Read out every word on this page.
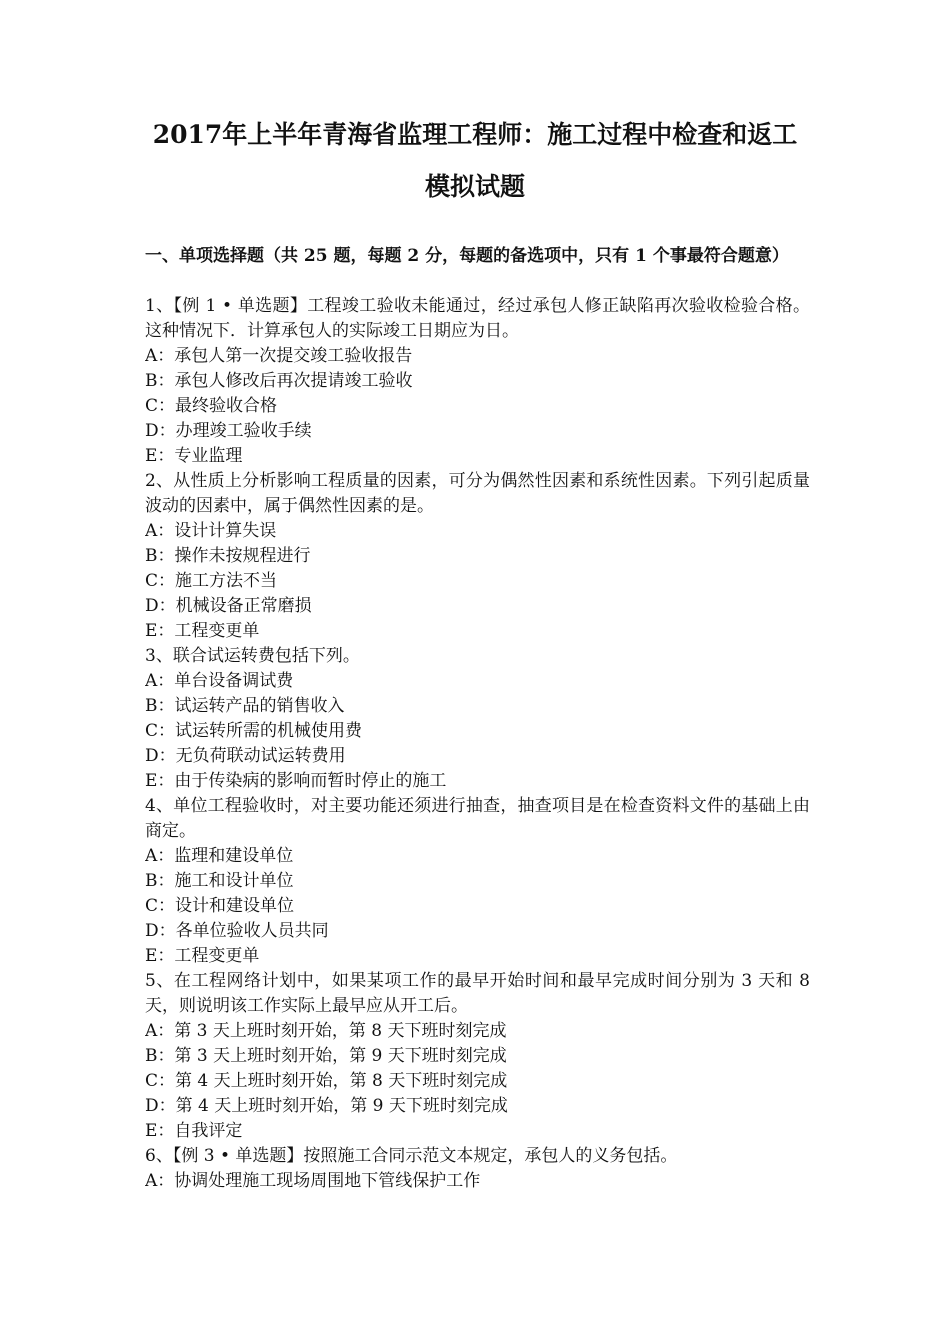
2017年上半年青海省监理工程师：施工过程中检查和返工
模拟试题

一、单项选择题（共 25 题，每题 2 分，每题的备选项中，只有 1 个事最符合题意）

1、【例 1 • 单选题】工程竣工验收未能通过，经过承包人修正缺陷再次验收检验合格。这种情况下．计算承包人的实际竣工日期应为日。

A：承包人第一次提交竣工验收报告

B：承包人修改后再次提请竣工验收

C：最终验收合格

D：办理竣工验收手续

E：专业监理

2、从性质上分析影响工程质量的因素，可分为偶然性因素和系统性因素。下列引起质量波动的因素中，属于偶然性因素的是。

A：设计计算失误

B：操作未按规程进行

C：施工方法不当

D：机械设备正常磨损

E：工程变更单

3、联合试运转费包括下列。

A：单台设备调试费

B：试运转产品的销售收入

C：试运转所需的机械使用费

D：无负荷联动试运转费用

E：由于传染病的影响而暂时停止的施工

4、单位工程验收时，对主要功能还须进行抽查，抽查项目是在检查资料文件的基础上由商定。

A：监理和建设单位

B：施工和设计单位

C：设计和建设单位

D：各单位验收人员共同

E：工程变更单

5、在工程网络计划中，如果某项工作的最早开始时间和最早完成时间分别为 3 天和 8 天，则说明该工作实际上最早应从开工后。

A：第 3 天上班时刻开始，第 8 天下班时刻完成

B：第 3 天上班时刻开始，第 9 天下班时刻完成

C：第 4 天上班时刻开始，第 8 天下班时刻完成

D：第 4 天上班时刻开始，第 9 天下班时刻完成

E：自我评定

6、【例 3 • 单选题】按照施工合同示范文本规定，承包人的义务包括。

A：协调处理施工现场周围地下管线保护工作
